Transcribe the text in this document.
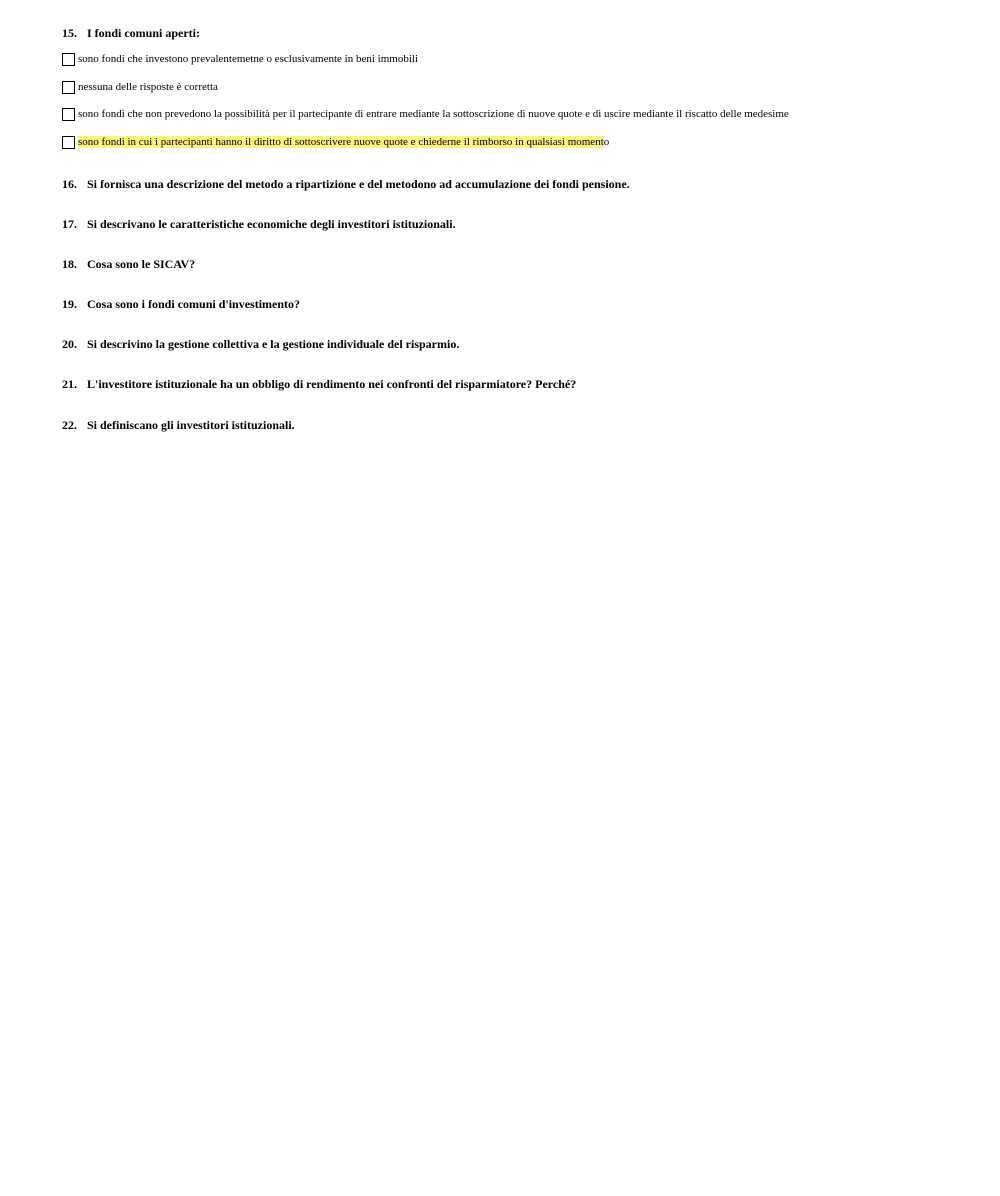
15. I fondi comuni aperti:
sono fondi che investono prevalentemetne o esclusivamente in beni immobili
nessuna delle risposte è corretta
sono fondi che non prevedono la possibilità per il partecipante di entrare mediante la sottoscrizione di nuove quote e di uscire mediante il riscatto delle medesime
sono fondi in cui i partecipanti hanno il diritto di sottoscrivere nuove quote e chiederne il rimborso in qualsiasi momento
16. Si fornisca una descrizione del metodo a ripartizione e del metodono ad accumulazione dei fondi pensione.
17. Si descrivano le caratteristiche economiche degli investitori istituzionali.
18. Cosa sono le SICAV?
19. Cosa sono i fondi comuni d'investimento?
20. Si descrivino la gestione collettiva e la gestione individuale del risparmio.
21. L'investitore istituzionale ha un obbligo di rendimento nei confronti del risparmiatore? Perché?
22. Si definiscano gli investitori istituzionali.
